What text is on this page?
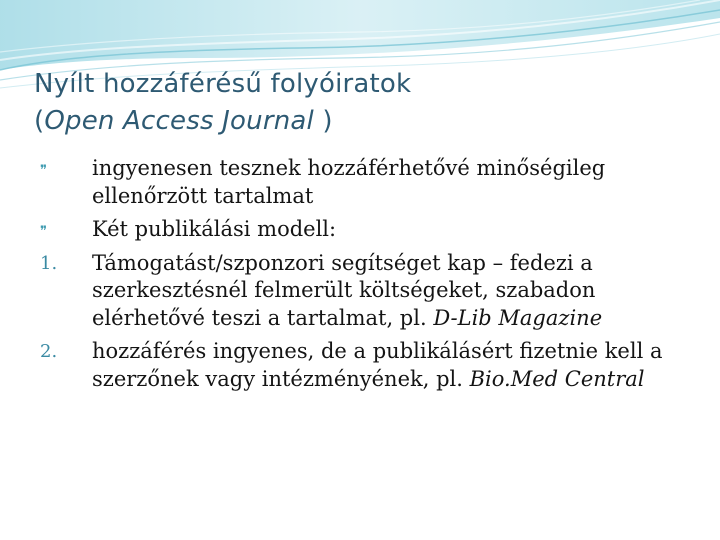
Nyílt hozzáférésű folyóiratok
(Open Access Journal )
❞	ingyenesen tesznek hozzáférhetővé minőségileg ellenőrzött tartalmat
❞	Két publikálási modell:
1.	Támogatást/szponzori segítséget kap – fedezi a szerkesztésnél felmerült költségeket, szabadon elérhetővé teszi a tartalmat, pl. D-Lib Magazine
2.	hozzáférés ingyenes, de a publikálásért fizetnie kell a szerzőnek vagy intézményének, pl. Bio.Med Central
